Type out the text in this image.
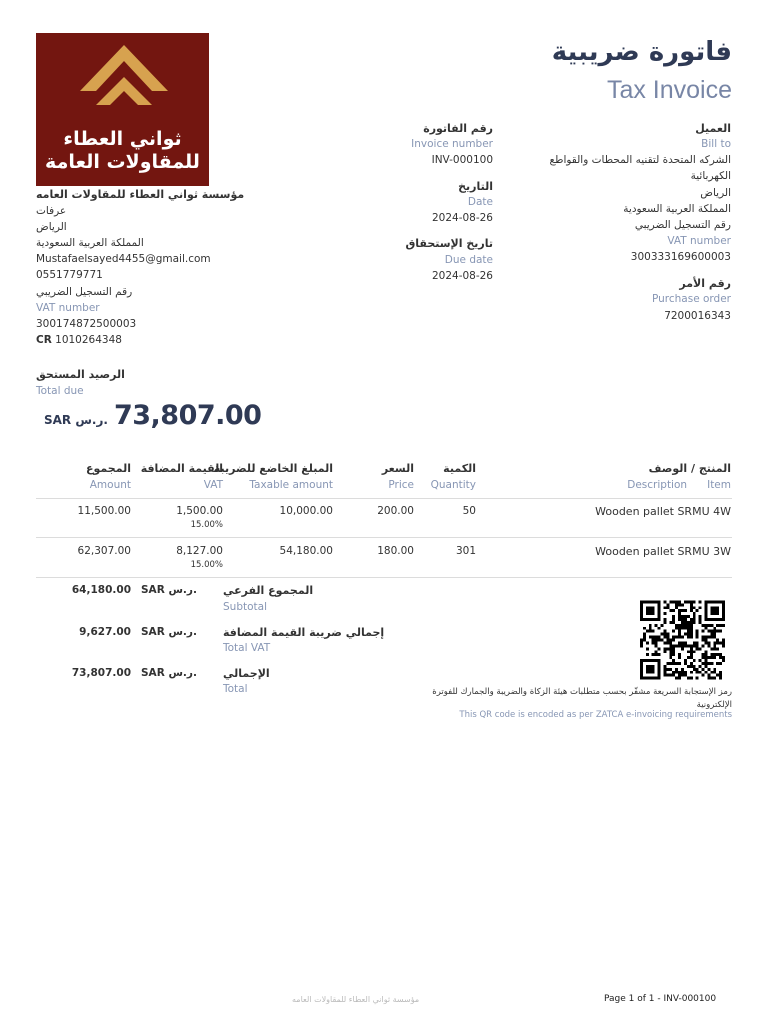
ثواني العطاء
للمقاولات العامة
فاتورة ضريبية
Tax Invoice
مؤسسة ثواني العطاء للمقاولات العامه
عرفات
الرياض
المملكة العربية السعودية
Mustafaelsayed4455@gmail.com
0551779771
رقم التسجيل الضريبي
VAT number
300174872500003
CR 1010264348
رقم الفاتورة
Invoice number
INV-000100
التاريخ
Date
2024-08-26
تاريخ الإستحقاق
Due date
2024-08-26
العميل
Bill to
الشركه المتحدة لتقنيه المحطات والقواطع
الكهربائية
الرياض
المملكة العربية السعودية
رقم التسجيل الضريبي
VAT number
300333169600003
رقم الأمر
Purchase order
7200016343
الرصيد المستحق
Total due
SAR ر.س. 73,807.00
المنتج / الوصف
Description Item
الكمية
Quantity
السعر
Price
المبلغ الخاضع للضريبة
Taxable amount
القيمة المضافة
VAT
المجموع
Amount
Wooden pallet SRMU 4W
50
200.00
10,000.00
1,500.00
15.00%
11,500.00
Wooden pallet SRMU 3W
301
180.00
54,180.00
8,127.00
15.00%
62,307.00
64,180.00 SAR ر.س. المجموع الفرعي
Subtotal
9,627.00 SAR ر.س. إجمالي ضريبة القيمة المضافة
Total VAT
73,807.00 SAR ر.س. الإجمالي
Total	رمز الإستجابة السريعة مشفّر بحسب متطلبات هيئة الزكاة والضريبة والجمارك للفوترة الإلكترونية
This QR code is encoded as per ZATCA e-invoicing requirements
مؤسسة ثواني العطاء للمقاولات العامه	Page 1 of 1 - INV-000100
